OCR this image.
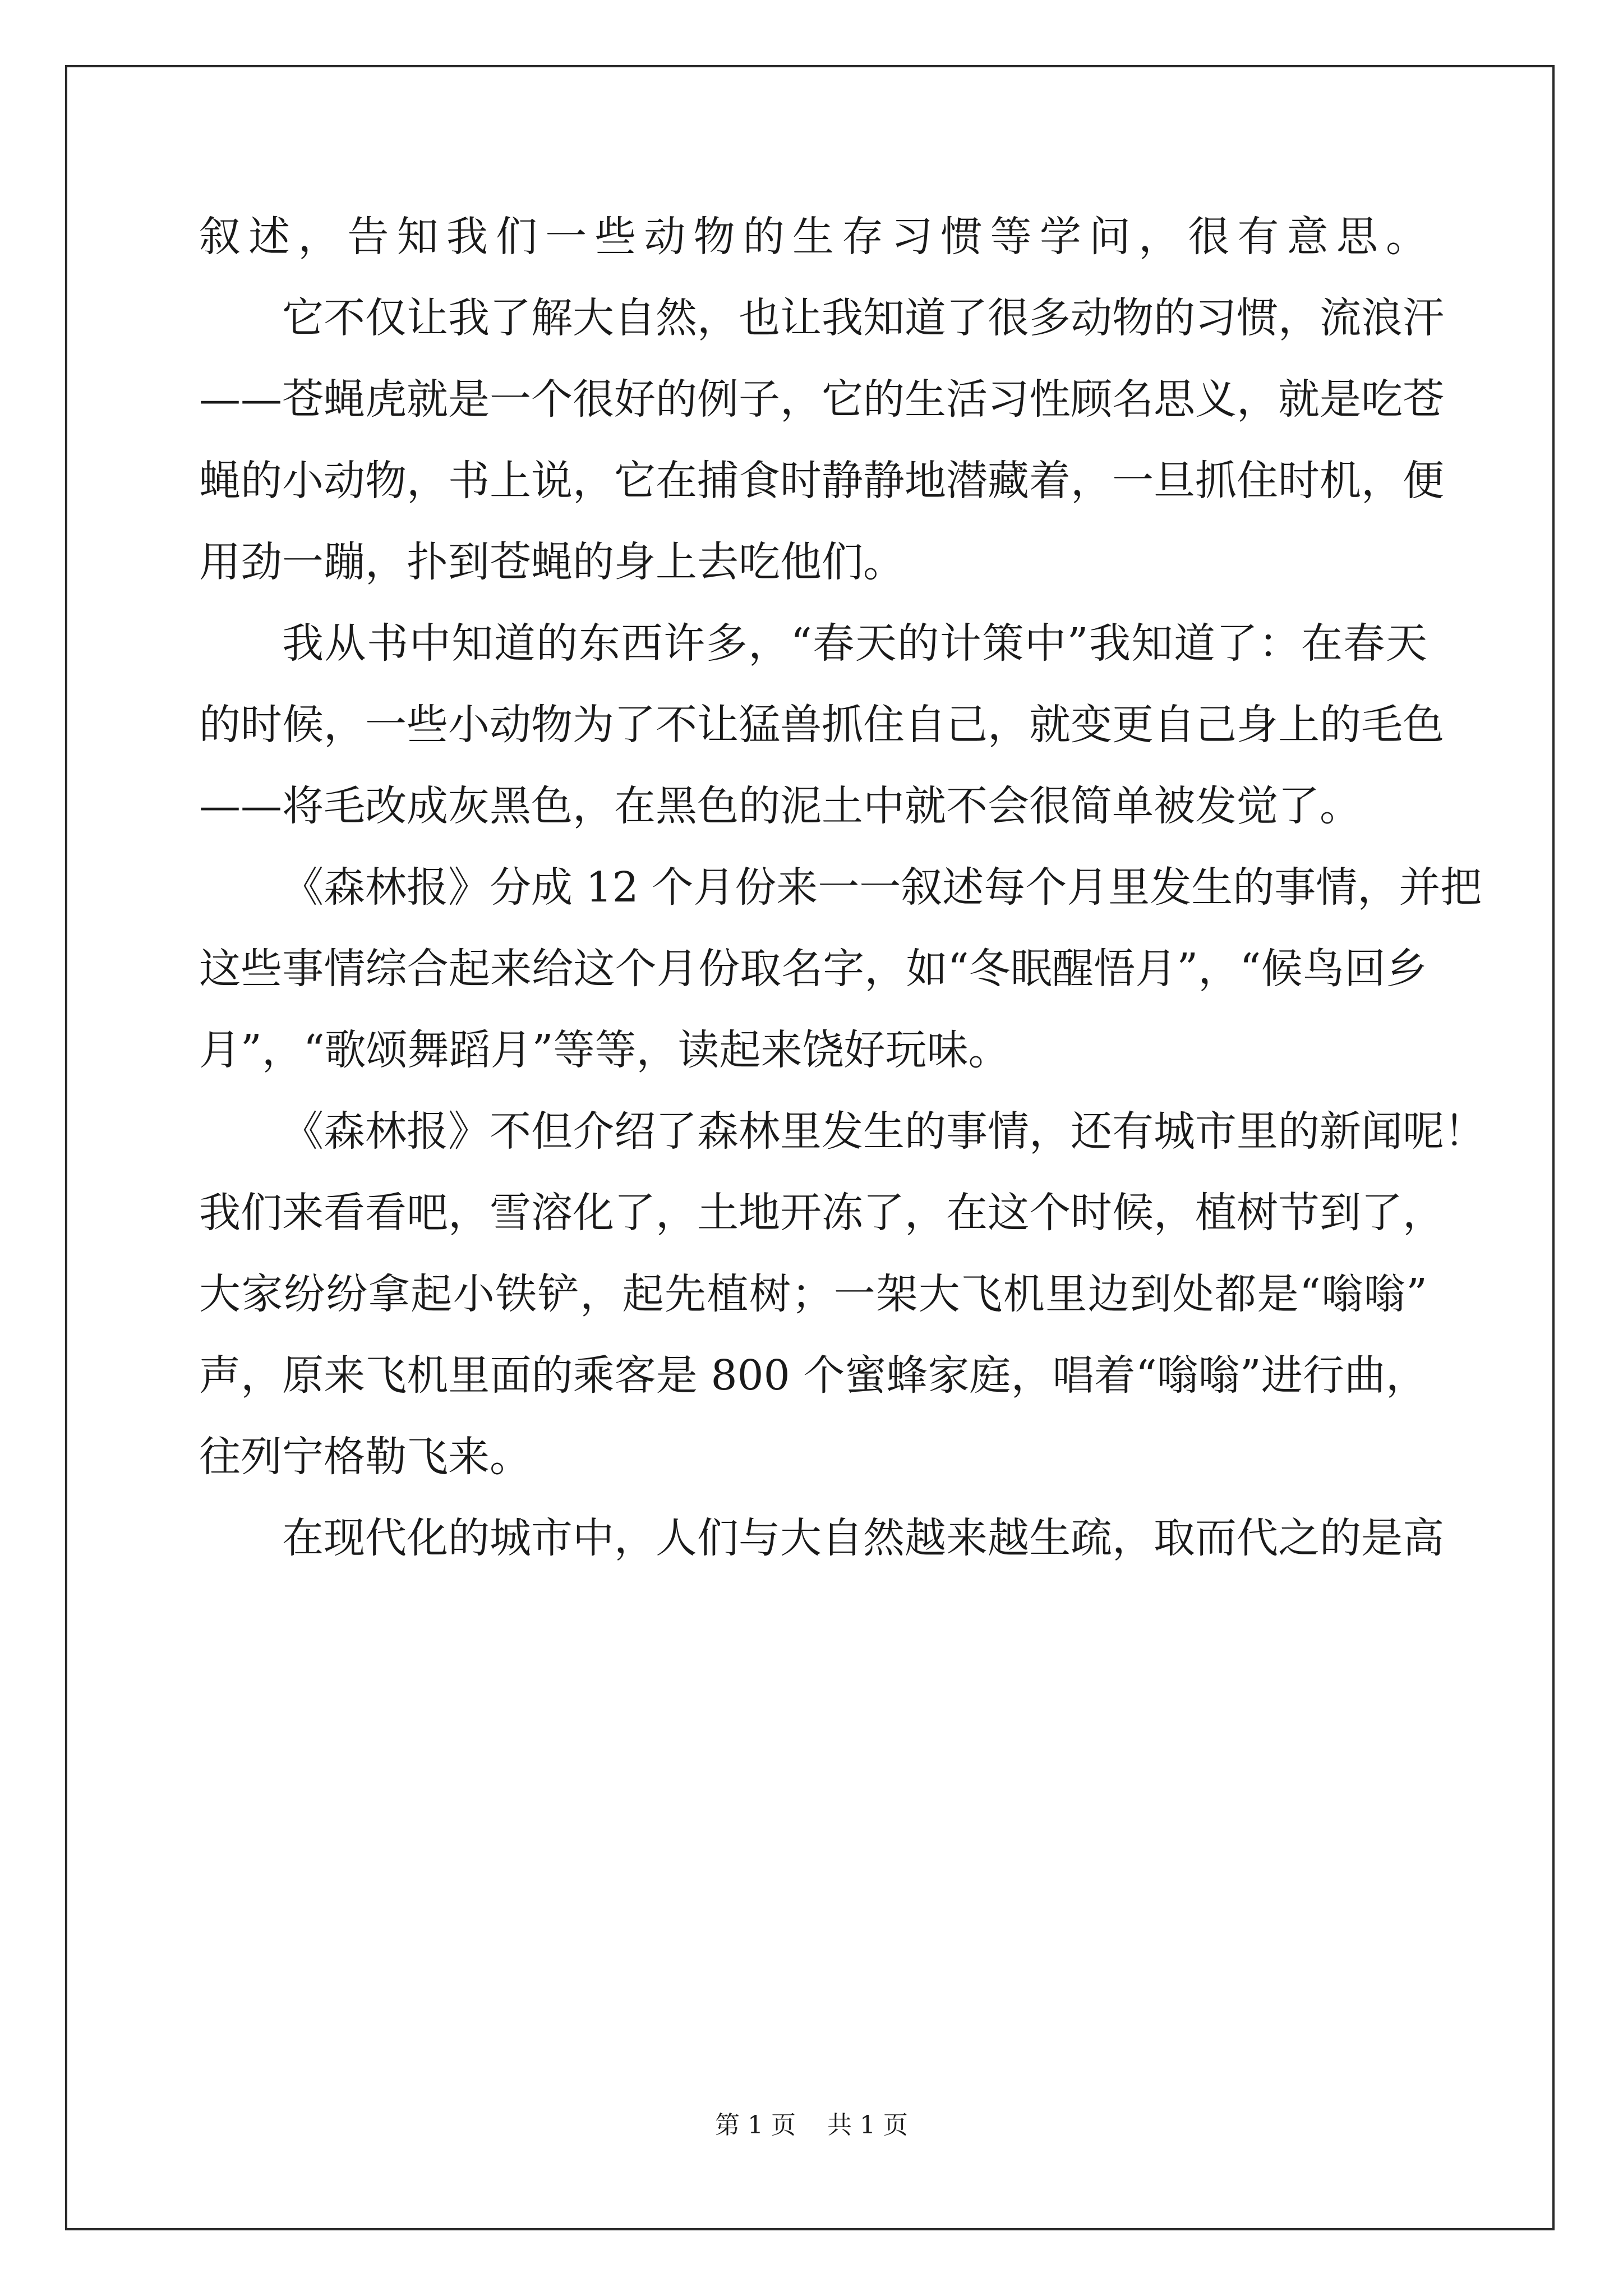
叙述，告知我们一些动物的生存习惯等学问，很有意思。
它不仅让我了解大自然，也让我知道了很多动物的习惯，流浪汗
——苍蝇虎就是一个很好的例子，它的生活习性顾名思义，就是吃苍
蝇的小动物，书上说，它在捕食时静静地潜藏着，一旦抓住时机，便
用劲一蹦，扑到苍蝇的身上去吃他们。
我从书中知道的东西许多，“春天的计策中”我知道了：在春天
的时候，一些小动物为了不让猛兽抓住自己，就变更自己身上的毛色
——将毛改成灰黑色，在黑色的泥土中就不会很简单被发觉了。
《森林报》分成 12 个月份来一一叙述每个月里发生的事情，并把
这些事情综合起来给这个月份取名字，如“冬眠醒悟月”，“候鸟回乡
月”，“歌颂舞蹈月”等等，读起来饶好玩味。
《森林报》不但介绍了森林里发生的事情，还有城市里的新闻呢！
我们来看看吧，雪溶化了，土地开冻了，在这个时候，植树节到了，
大家纷纷拿起小铁铲，起先植树；一架大飞机里边到处都是“嗡嗡”
声，原来飞机里面的乘客是 800 个蜜蜂家庭，唱着“嗡嗡”进行曲，
往列宁格勒飞来。
在现代化的城市中，人们与大自然越来越生疏，取而代之的是高
第 1 页    共 1 页
